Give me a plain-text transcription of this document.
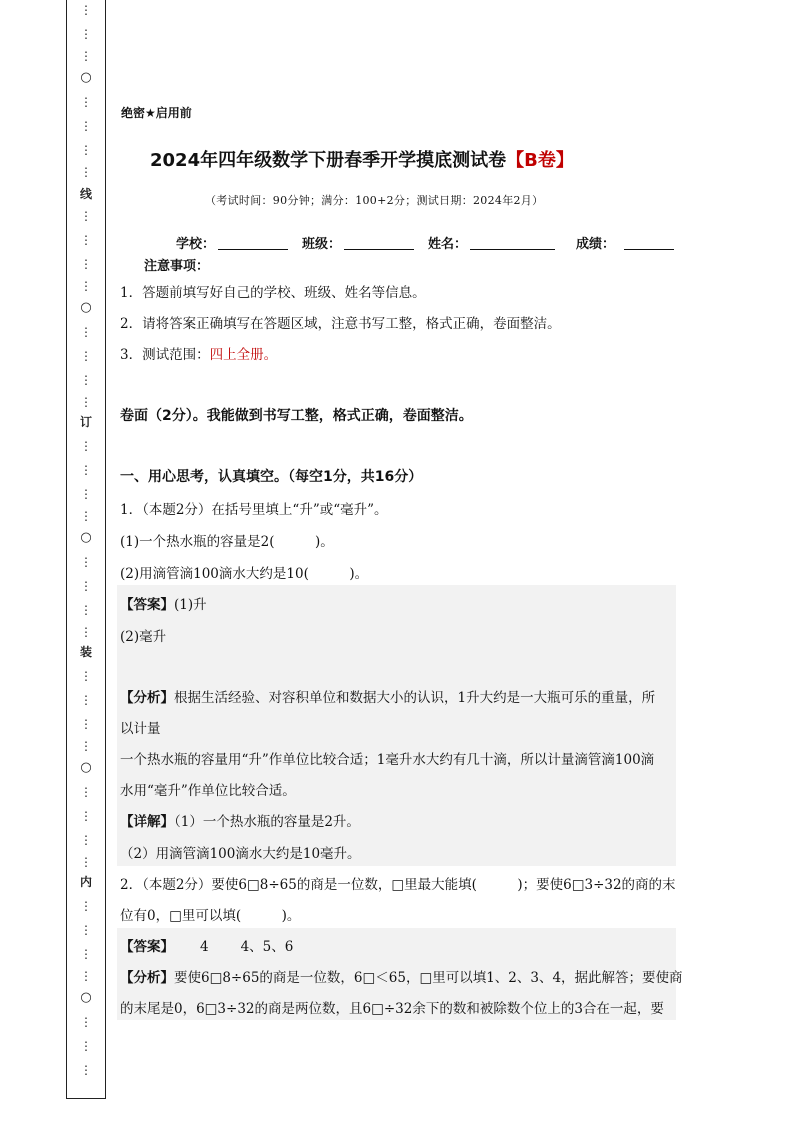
⋮
⋮
⋮
○
⋮
⋮
⋮
⋮
线
⋮
⋮
⋮
⋮
○
⋮
⋮
⋮
⋮
订
⋮
⋮
⋮
⋮
○
⋮
⋮
⋮
⋮
装
⋮
⋮
⋮
⋮
○
⋮
⋮
⋮
⋮
内
⋮
⋮
⋮
⋮
○
⋮
⋮
⋮
绝密★启用前
2024年四年级数学下册春季开学摸底测试卷【B卷】
（考试时间：90分钟；满分：100+2分；测试日期：2024年2月）
学校：	班级：	姓名：	成绩：
注意事项：
1．答题前填写好自己的学校、班级、姓名等信息。
2．请将答案正确填写在答题区域，注意书写工整，格式正确，卷面整洁。
3．测试范围：四上全册。
卷面（2分）。我能做到书写工整，格式正确，卷面整洁。
一、用心思考，认真填空。（每空1分，共16分）
1．（本题2分）在括号里填上“升”或“毫升”。
(1)一个热水瓶的容量是2(　　　)。
(2)用滴管滴100滴水大约是10(　　　)。
【答案】(1)升
(2)毫升
【分析】根据生活经验、对容积单位和数据大小的认识，1升大约是一大瓶可乐的重量，所
以计量
一个热水瓶的容量用“升”作单位比较合适；1毫升水大约有几十滴，所以计量滴管滴100滴
水用“毫升”作单位比较合适。
【详解】（1）一个热水瓶的容量是2升。
（2）用滴管滴100滴水大约是10毫升。
2．（本题2分）要使6□8÷65的商是一位数，□里最大能填(　　　)；要使6□3÷32的商的末
位有0，□里可以填(　　　)。
【答案】 4 4、5、6
【分析】要使6□8÷65的商是一位数，6□＜65，□里可以填1、2、3、4，据此解答；要使商
的末尾是0，6□3÷32的商是两位数，且6□÷32余下的数和被除数个位上的3合在一起，要
